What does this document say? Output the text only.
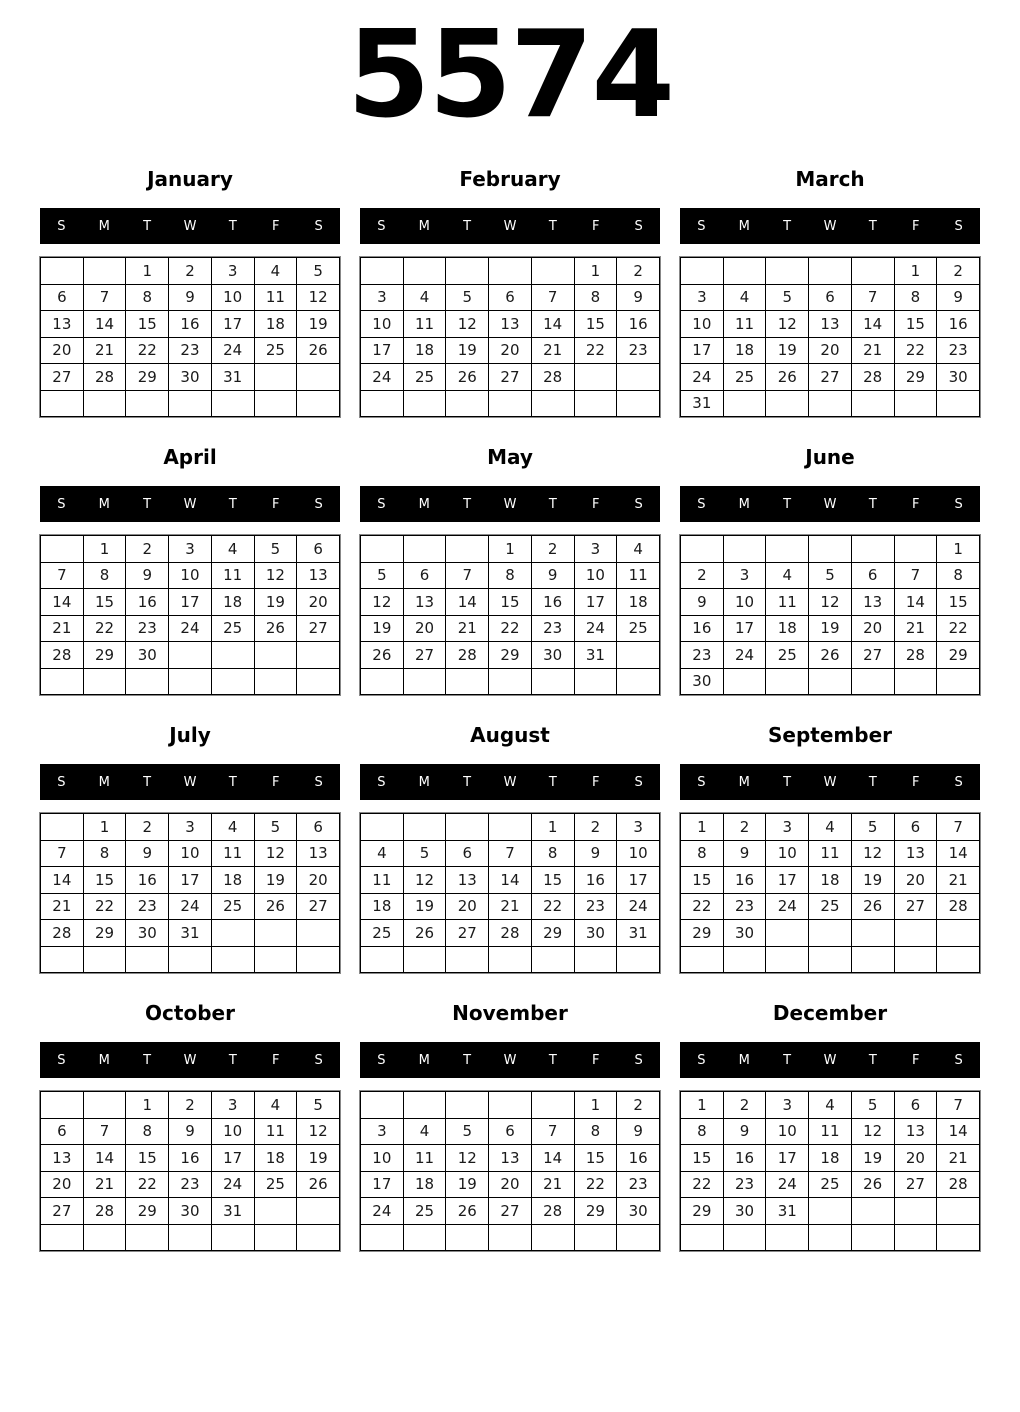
5574
January
S	M	T	W	T	F	S
		1	2	3	4	5
6	7	8	9	10	11	12
13	14	15	16	17	18	19
20	21	22	23	24	25	26
27	28	29	30	31		

February
S	M	T	W	T	F	S
					1	2
3	4	5	6	7	8	9
10	11	12	13	14	15	16
17	18	19	20	21	22	23
24	25	26	27	28		

March
S	M	T	W	T	F	S
					1	2
3	4	5	6	7	8	9
10	11	12	13	14	15	16
17	18	19	20	21	22	23
24	25	26	27	28	29	30
31						
April
S	M	T	W	T	F	S
	1	2	3	4	5	6
7	8	9	10	11	12	13
14	15	16	17	18	19	20
21	22	23	24	25	26	27
28	29	30				

May
S	M	T	W	T	F	S
			1	2	3	4
5	6	7	8	9	10	11
12	13	14	15	16	17	18
19	20	21	22	23	24	25
26	27	28	29	30	31	

June
S	M	T	W	T	F	S
						1
2	3	4	5	6	7	8
9	10	11	12	13	14	15
16	17	18	19	20	21	22
23	24	25	26	27	28	29
30						
July
S	M	T	W	T	F	S
	1	2	3	4	5	6
7	8	9	10	11	12	13
14	15	16	17	18	19	20
21	22	23	24	25	26	27
28	29	30	31			

August
S	M	T	W	T	F	S
				1	2	3
4	5	6	7	8	9	10
11	12	13	14	15	16	17
18	19	20	21	22	23	24
25	26	27	28	29	30	31

September
S	M	T	W	T	F	S
1	2	3	4	5	6	7
8	9	10	11	12	13	14
15	16	17	18	19	20	21
22	23	24	25	26	27	28
29	30					

October
S	M	T	W	T	F	S
		1	2	3	4	5
6	7	8	9	10	11	12
13	14	15	16	17	18	19
20	21	22	23	24	25	26
27	28	29	30	31		

November
S	M	T	W	T	F	S
					1	2
3	4	5	6	7	8	9
10	11	12	13	14	15	16
17	18	19	20	21	22	23
24	25	26	27	28	29	30

December
S	M	T	W	T	F	S
1	2	3	4	5	6	7
8	9	10	11	12	13	14
15	16	17	18	19	20	21
22	23	24	25	26	27	28
29	30	31				
